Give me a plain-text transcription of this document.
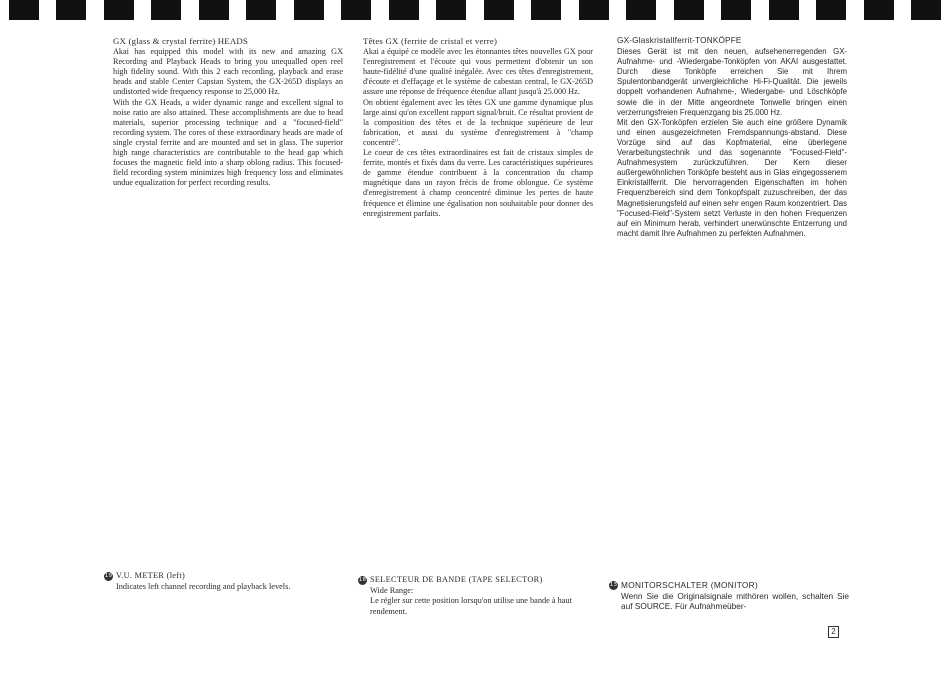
GX (glass & crystal ferrite) HEADS

Akai has equipped this model with its new and amazing GX Recording and Playback Heads to bring you unequalled open reel high fidelity sound. With this 2 each recording, playback and erase heads and stable Center Capstan System, the GX-265D displays an undistorted wide frequency response to 25,000 Hz.

With the GX Heads, a wider dynamic range and excellent signal to noise ratio are also attained. These accomplishments are due to head materials, superior processing technique and a "focused-field" recording system. The cores of these extraordinary heads are made of single crystal ferrite and are mounted and set in glass. The superior high range characteristics are contributable to the head gap which focuses the magnetic field into a sharp oblong radius. This focused-field recording system minimizes high frequency loss and eliminates undue equalization for perfect recording results.

Têtes GX (ferrite de cristal et verre)

Akai a équipé ce modèle avec les étonnantes têtes nouvelles GX pour l'enregistrement et l'écoute qui vous permettent d'obtenir un son haute-fidélité d'une qualité inégalée. Avec ces têtes d'enregistrement, d'écoute et d'effaçage et le système de cabestan central, le GX-265D assure une réponse de fréquence étendue allant jusqu'à 25.000 Hz.

On obtient également avec les têtes GX une gamme dynamique plus large ainsi qu'on excellent rapport signal/bruit. Ce résultat provient de la composition des têtes et de la technique supérieure de leur fabrication, et aussi du système d'enregistrement à "champ concentré".

Le coeur de ces têtes extraordinaires est fait de cristaux simples de ferrite, montés et fixés dans du verre. Les caractéristiques supérieures de gamme étendue contribuent à la concentration du champ magnétique dans un rayon frécis de frome oblongue. Ce système d'enregistrement à champ ceoncentré diminue les pertes de haute fréquence et élimine une égalisation non souhaitable pour donner des enregistrement parfaits.

GX-Glaskristallferrit-TONKÖPFE

Dieses Gerät ist mit den neuen, aufsehenerregenden GX-Aufnahme- und -Wiedergabe-Tonköpfen von AKAI ausgestattet. Durch diese Tonköpfe erreichen Sie mit Ihrem Spulentonbandgerät unvergleichliche Hi-Fi-Qualität. Die jeweils doppelt vorhandenen Aufnahme-, Wiedergabe- und Löschköpfe sowie die in der Mitte angeordnete Tonwelle bringen einen verzerrungsfreien Frequenzgang bis 25.000 Hz.

Mit den GX-Tonköpfen erzielen Sie auch eine größere Dynamik und einen ausgezeichneten Fremdspannungs-abstand. Diese Vorzüge sind auf das Kopfmaterial, eine überlegene Verarbeitungstechnik und das sogenannte "Focused-Field"-Aufnahmesystem zurückzuführen. Der Kern dieser außergewöhnlichen Tonköpfe besteht aus in Glas eingegossenem Einkristallferrit. Die hervorragenden Eigenschaften im hohen Frequenzbereich sind dem Tonkopfspalt zuzuschreiben, der das Magnetisierungsfeld auf einen sehr engen Raum konzentriert. Das "Focused-Field"-System setzt Verluste in den hohen Frequenzen auf ein Minimum herab, verhindert unerwünschte Entzerrung und macht damit Ihre Aufnahmen zu perfekten Aufnahmen.

19 V.U. METER (left)
Indicates left channel recording and playback levels.
18 SELECTEUR DE BANDE (TAPE SELECTOR)
Wide Range:
Le régler sur cette position lorsqu'on utilise une bande à haut rendement.
13 MONITORSCHALTER (MONITOR)
Wenn Sie die Originalsignale mithören wollen, schalten Sie auf SOURCE. Für Aufnahmeüber-
2
